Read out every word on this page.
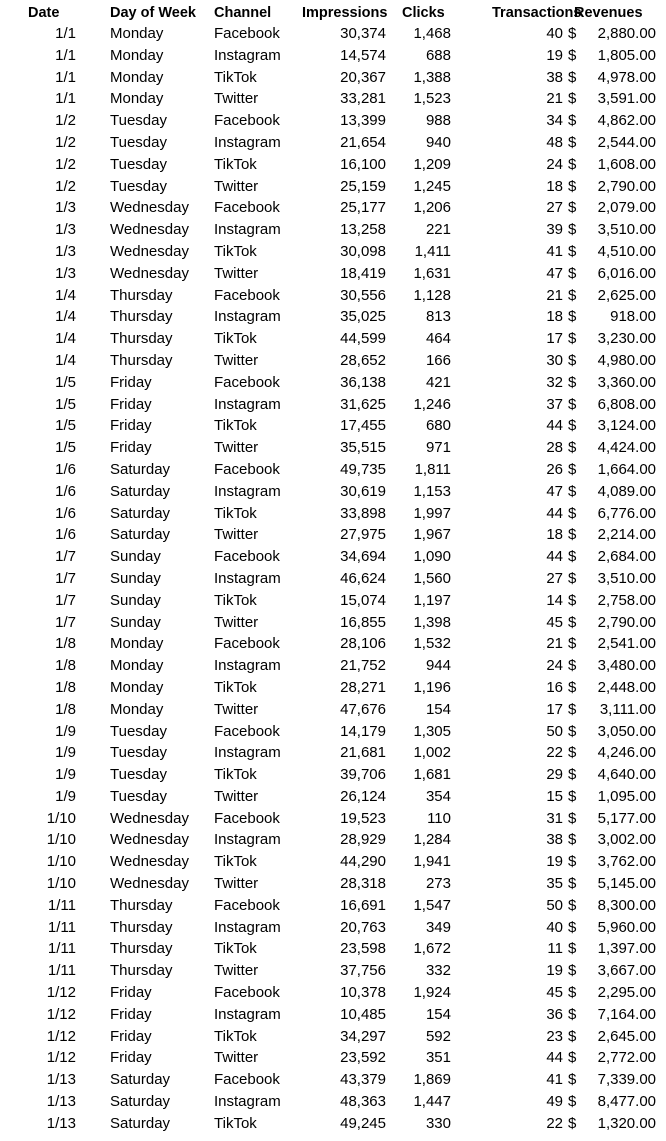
Date	Day of Week	Channel	Impressions	Clicks	Transactions	Revenues
1/1	Monday	Facebook	30,374	1,468	40	$ 2,880.00

1/1	Monday	Instagram	14,574	688	19	$ 1,805.00

1/1	Monday	TikTok	20,367	1,388	38	$ 4,978.00

1/1	Monday	Twitter	33,281	1,523	21	$ 3,591.00

1/2	Tuesday	Facebook	13,399	988	34	$ 4,862.00

1/2	Tuesday	Instagram	21,654	940	48	$ 2,544.00

1/2	Tuesday	TikTok	16,100	1,209	24	$ 1,608.00

1/2	Tuesday	Twitter	25,159	1,245	18	$ 2,790.00

1/3	Wednesday	Facebook	25,177	1,206	27	$ 2,079.00

1/3	Wednesday	Instagram	13,258	221	39	$ 3,510.00

1/3	Wednesday	TikTok	30,098	1,411	41	$ 4,510.00

1/3	Wednesday	Twitter	18,419	1,631	47	$ 6,016.00

1/4	Thursday	Facebook	30,556	1,128	21	$ 2,625.00

1/4	Thursday	Instagram	35,025	813	18	$ 918.00

1/4	Thursday	TikTok	44,599	464	17	$ 3,230.00

1/4	Thursday	Twitter	28,652	166	30	$ 4,980.00

1/5	Friday	Facebook	36,138	421	32	$ 3,360.00

1/5	Friday	Instagram	31,625	1,246	37	$ 6,808.00

1/5	Friday	TikTok	17,455	680	44	$ 3,124.00

1/5	Friday	Twitter	35,515	971	28	$ 4,424.00

1/6	Saturday	Facebook	49,735	1,811	26	$ 1,664.00

1/6	Saturday	Instagram	30,619	1,153	47	$ 4,089.00

1/6	Saturday	TikTok	33,898	1,997	44	$ 6,776.00

1/6	Saturday	Twitter	27,975	1,967	18	$ 2,214.00

1/7	Sunday	Facebook	34,694	1,090	44	$ 2,684.00

1/7	Sunday	Instagram	46,624	1,560	27	$ 3,510.00

1/7	Sunday	TikTok	15,074	1,197	14	$ 2,758.00

1/7	Sunday	Twitter	16,855	1,398	45	$ 2,790.00

1/8	Monday	Facebook	28,106	1,532	21	$ 2,541.00

1/8	Monday	Instagram	21,752	944	24	$ 3,480.00

1/8	Monday	TikTok	28,271	1,196	16	$ 2,448.00

1/8	Monday	Twitter	47,676	154	17	$ 3,111.00

1/9	Tuesday	Facebook	14,179	1,305	50	$ 3,050.00

1/9	Tuesday	Instagram	21,681	1,002	22	$ 4,246.00

1/9	Tuesday	TikTok	39,706	1,681	29	$ 4,640.00

1/9	Tuesday	Twitter	26,124	354	15	$ 1,095.00

1/10	Wednesday	Facebook	19,523	110	31	$ 5,177.00

1/10	Wednesday	Instagram	28,929	1,284	38	$ 3,002.00

1/10	Wednesday	TikTok	44,290	1,941	19	$ 3,762.00

1/10	Wednesday	Twitter	28,318	273	35	$ 5,145.00

1/11	Thursday	Facebook	16,691	1,547	50	$ 8,300.00

1/11	Thursday	Instagram	20,763	349	40	$ 5,960.00

1/11	Thursday	TikTok	23,598	1,672	11	$ 1,397.00

1/11	Thursday	Twitter	37,756	332	19	$ 3,667.00

1/12	Friday	Facebook	10,378	1,924	45	$ 2,295.00

1/12	Friday	Instagram	10,485	154	36	$ 7,164.00

1/12	Friday	TikTok	34,297	592	23	$ 2,645.00

1/12	Friday	Twitter	23,592	351	44	$ 2,772.00

1/13	Saturday	Facebook	43,379	1,869	41	$ 7,339.00

1/13	Saturday	Instagram	48,363	1,447	49	$ 8,477.00

1/13	Saturday	TikTok	49,245	330	22	$ 1,320.00
